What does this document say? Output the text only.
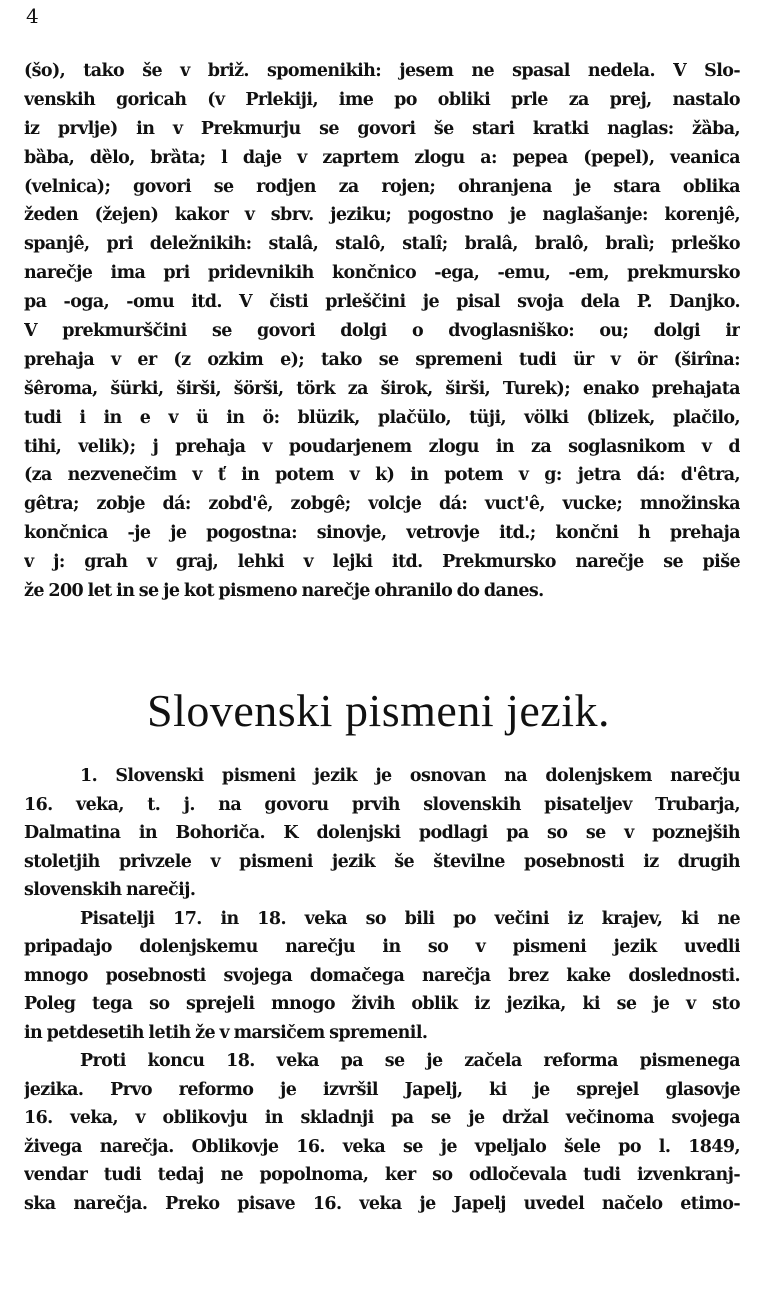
4
(šo), tako še v briž. spomenikih: jesem ne spasal nedela. V Slo-
venskih goricah (v Prlekiji, ime po obliki prle za prej, nastalo
iz prvlje) in v Prekmurju se govori še stari kratki naglas: žȁba,
bȁba, dȅlo, brȁta; l daje v zaprtem zlogu a: pepea (pepel), veanica
(velnica); govori se rodjen za rojen; ohranjena je stara oblika
žeden (žejen) kakor v sbrv. jeziku; pogostno je naglašanje: korenjê,
spanjê, pri deležnikih: stalâ, stalô, stalî; bralâ, bralô, bralì; prleško
narečje ima pri pridevnikih končnico -ega, -emu, -em, prekmursko
pa -oga, -omu itd. V čisti prleščini je pisal svoja dela P. Danjko.
V prekmurščini se govori dolgi o dvoglasniško: ou; dolgi ir
prehaja v er (z ozkim e); tako se spremeni tudi ür v ör (širîna:
šêroma, šürki, širši, šörši, törk za širok, širši, Turek); enako prehajata
tudi i in e v ü in ö: blüzik, plačülo, tüji, völki (blizek, plačilo,
tihi, velik); j prehaja v poudarjenem zlogu in za soglasnikom v ď
(za nezvenečim v ť in potem v k) in potem v g: jetra dá: d'êtra,
gêtra; zobje dá: zobd'ê, zobgê; volcje dá: vuct'ê, vucke; množinska
končnica -je je pogostna: sinovje, vetrovje itd.; končni h prehaja
v j: grah v graj, lehki v lejki itd. Prekmursko narečje se piše
že 200 let in se je kot pismeno narečje ohranilo do danes.
Slovenski pismeni jezik.
1. Slovenski pismeni jezik je osnovan na dolenjskem narečju
16. veka, t. j. na govoru prvih slovenskih pisateljev Trubarja,
Dalmatina in Bohoriča. K dolenjski podlagi pa so se v poznejših
stoletjih privzele v pismeni jezik še številne posebnosti iz drugih
slovenskih narečij.
Pisatelji 17. in 18. veka so bili po večini iz krajev, ki ne
pripadajo dolenjskemu narečju in so v pismeni jezik uvedli
mnogo posebnosti svojega domačega narečja brez kake doslednosti.
Poleg tega so sprejeli mnogo živih oblik iz jezika, ki se je v sto
in petdesetih letih že v marsičem spremenil.
Proti koncu 18. veka pa se je začela reforma pismenega
jezika. Prvo reformo je izvršil Japelj, ki je sprejel glasovje
16. veka, v oblikovju in skladnji pa se je držal večinoma svojega
živega narečja. Oblikovje 16. veka se je vpeljalo šele po l. 1849,
vendar tudi tedaj ne popolnoma, ker so odločevala tudi izvenkranj-
ska narečja. Preko pisave 16. veka je Japelj uvedel načelo etimo-
